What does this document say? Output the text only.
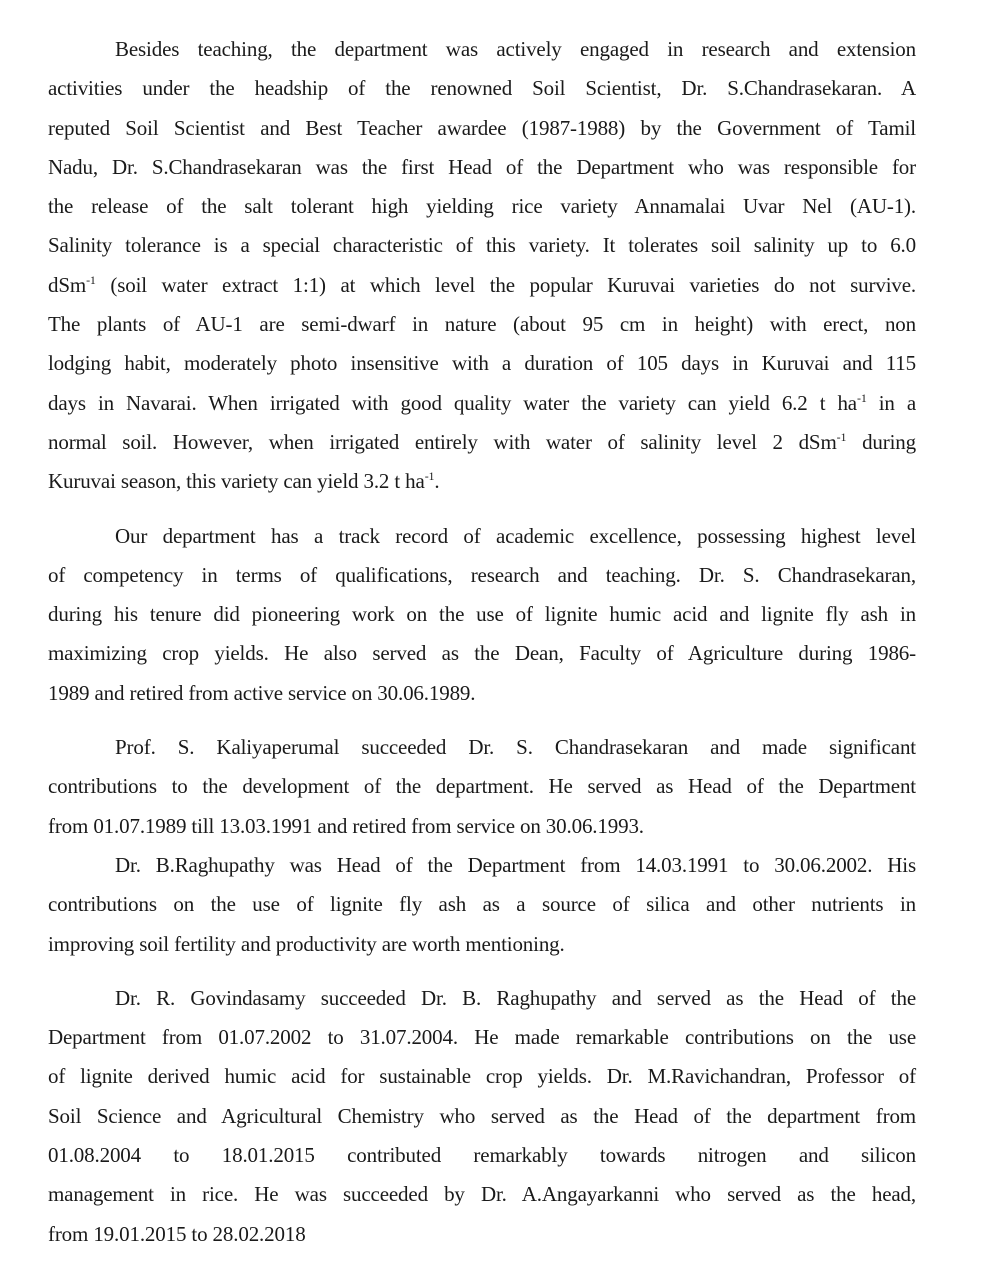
Besides teaching, the department was actively engaged in research and extension
activities under the headship of the renowned Soil Scientist, Dr. S.Chandrasekaran. A
reputed Soil Scientist and Best Teacher awardee (1987-1988) by the Government of Tamil
Nadu, Dr. S.Chandrasekaran was the first Head of the Department who was responsible for
the release of the salt tolerant high yielding rice variety Annamalai Uvar Nel (AU-1).
Salinity tolerance is a special characteristic of this variety. It tolerates soil salinity up to 6.0
dSm$^{-1}$ (soil water extract 1:1) at which level the popular Kuruvai varieties do not survive.
The plants of AU-1 are semi-dwarf in nature (about 95 cm in height) with erect, non
lodging habit, moderately photo insensitive with a duration of 105 days in Kuruvai and 115
days in Navarai. When irrigated with good quality water the variety can yield 6.2 t $ha^{-1}$ in a
normal soil. However, when irrigated entirely with water of salinity level 2 dSm$^{-1}$ during
Kuruvai season, this variety can yield 3.2 t $ha^{-1}$.
Our department has a track record of academic excellence, possessing highest level
of competency in terms of qualifications, research and teaching. Dr. S. Chandrasekaran,
during his tenure did pioneering work on the use of lignite humic acid and lignite fly ash in
maximizing crop yields. He also served as the Dean, Faculty of Agriculture during 1986-
1989 and retired from active service on 30.06.1989.
Prof. S. Kaliyaperumal succeeded Dr. S. Chandrasekaran and made significant
contributions to the development of the department. He served as Head of the Department
from 01.07.1989 till 13.03.1991 and retired from service on 30.06.1993.
Dr. B.Raghupathy was Head of the Department from 14.03.1991 to 30.06.2002. His
contributions on the use of lignite fly ash as a source of silica and other nutrients in
improving soil fertility and productivity are worth mentioning.
Dr. R. Govindasamy succeeded Dr. B. Raghupathy and served as the Head of the
Department from 01.07.2002 to 31.07.2004. He made remarkable contributions on the use
of lignite derived humic acid for sustainable crop yields. Dr. M.Ravichandran, Professor of
Soil Science and Agricultural Chemistry who served as the Head of the department from
01.08.2004 to 18.01.2015 contributed remarkably towards nitrogen and silicon
management in rice. He was succeeded by Dr. A.Angayarkanni who served as the head,
from 19.01.2015 to 28.02.2018
